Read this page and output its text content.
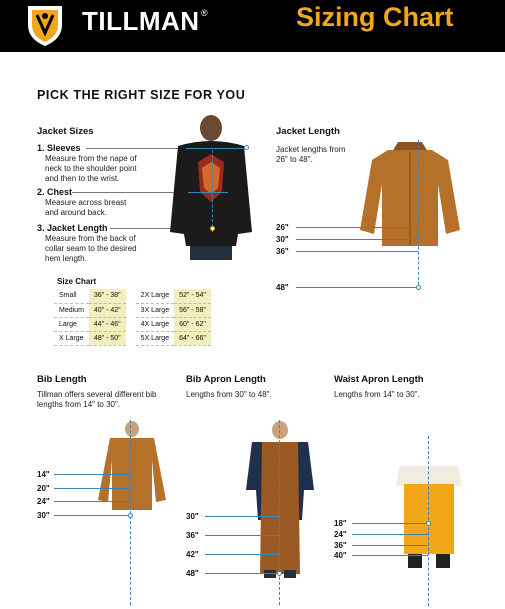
TILLMAN ®	Sizing Chart
PICK THE RIGHT SIZE FOR YOU
Jacket Sizes
1. Sleeves
Measure from the nape of
neck to the shoulder point
and then to the wrist.
2. Chest
Measure across breast
and around back.
3. Jacket Length
Measure from the back of
collar seam to the desired
hem length.
Size Chart
Small	36" - 38"		2X Large	52" - 54"
Medium	40" - 42"		3X Large	56" - 58"
Large	44" - 46"		4X Large	60" - 62"
X Large	48" - 50"		5X Large	64" - 66"
Jacket Length
Jacket lengths from
26" to 48".
26"
30"
36"
48"
Bib Length
Tillman offers several different bib
lengths from 14" to 30".
14"
20"
24"
30"
Bib Apron Length
Lengths from 30" to 48".
30"
36"
42"
48"
Waist Apron Length
Lengths from 14" to 30".
18"
24"
36"
40"
